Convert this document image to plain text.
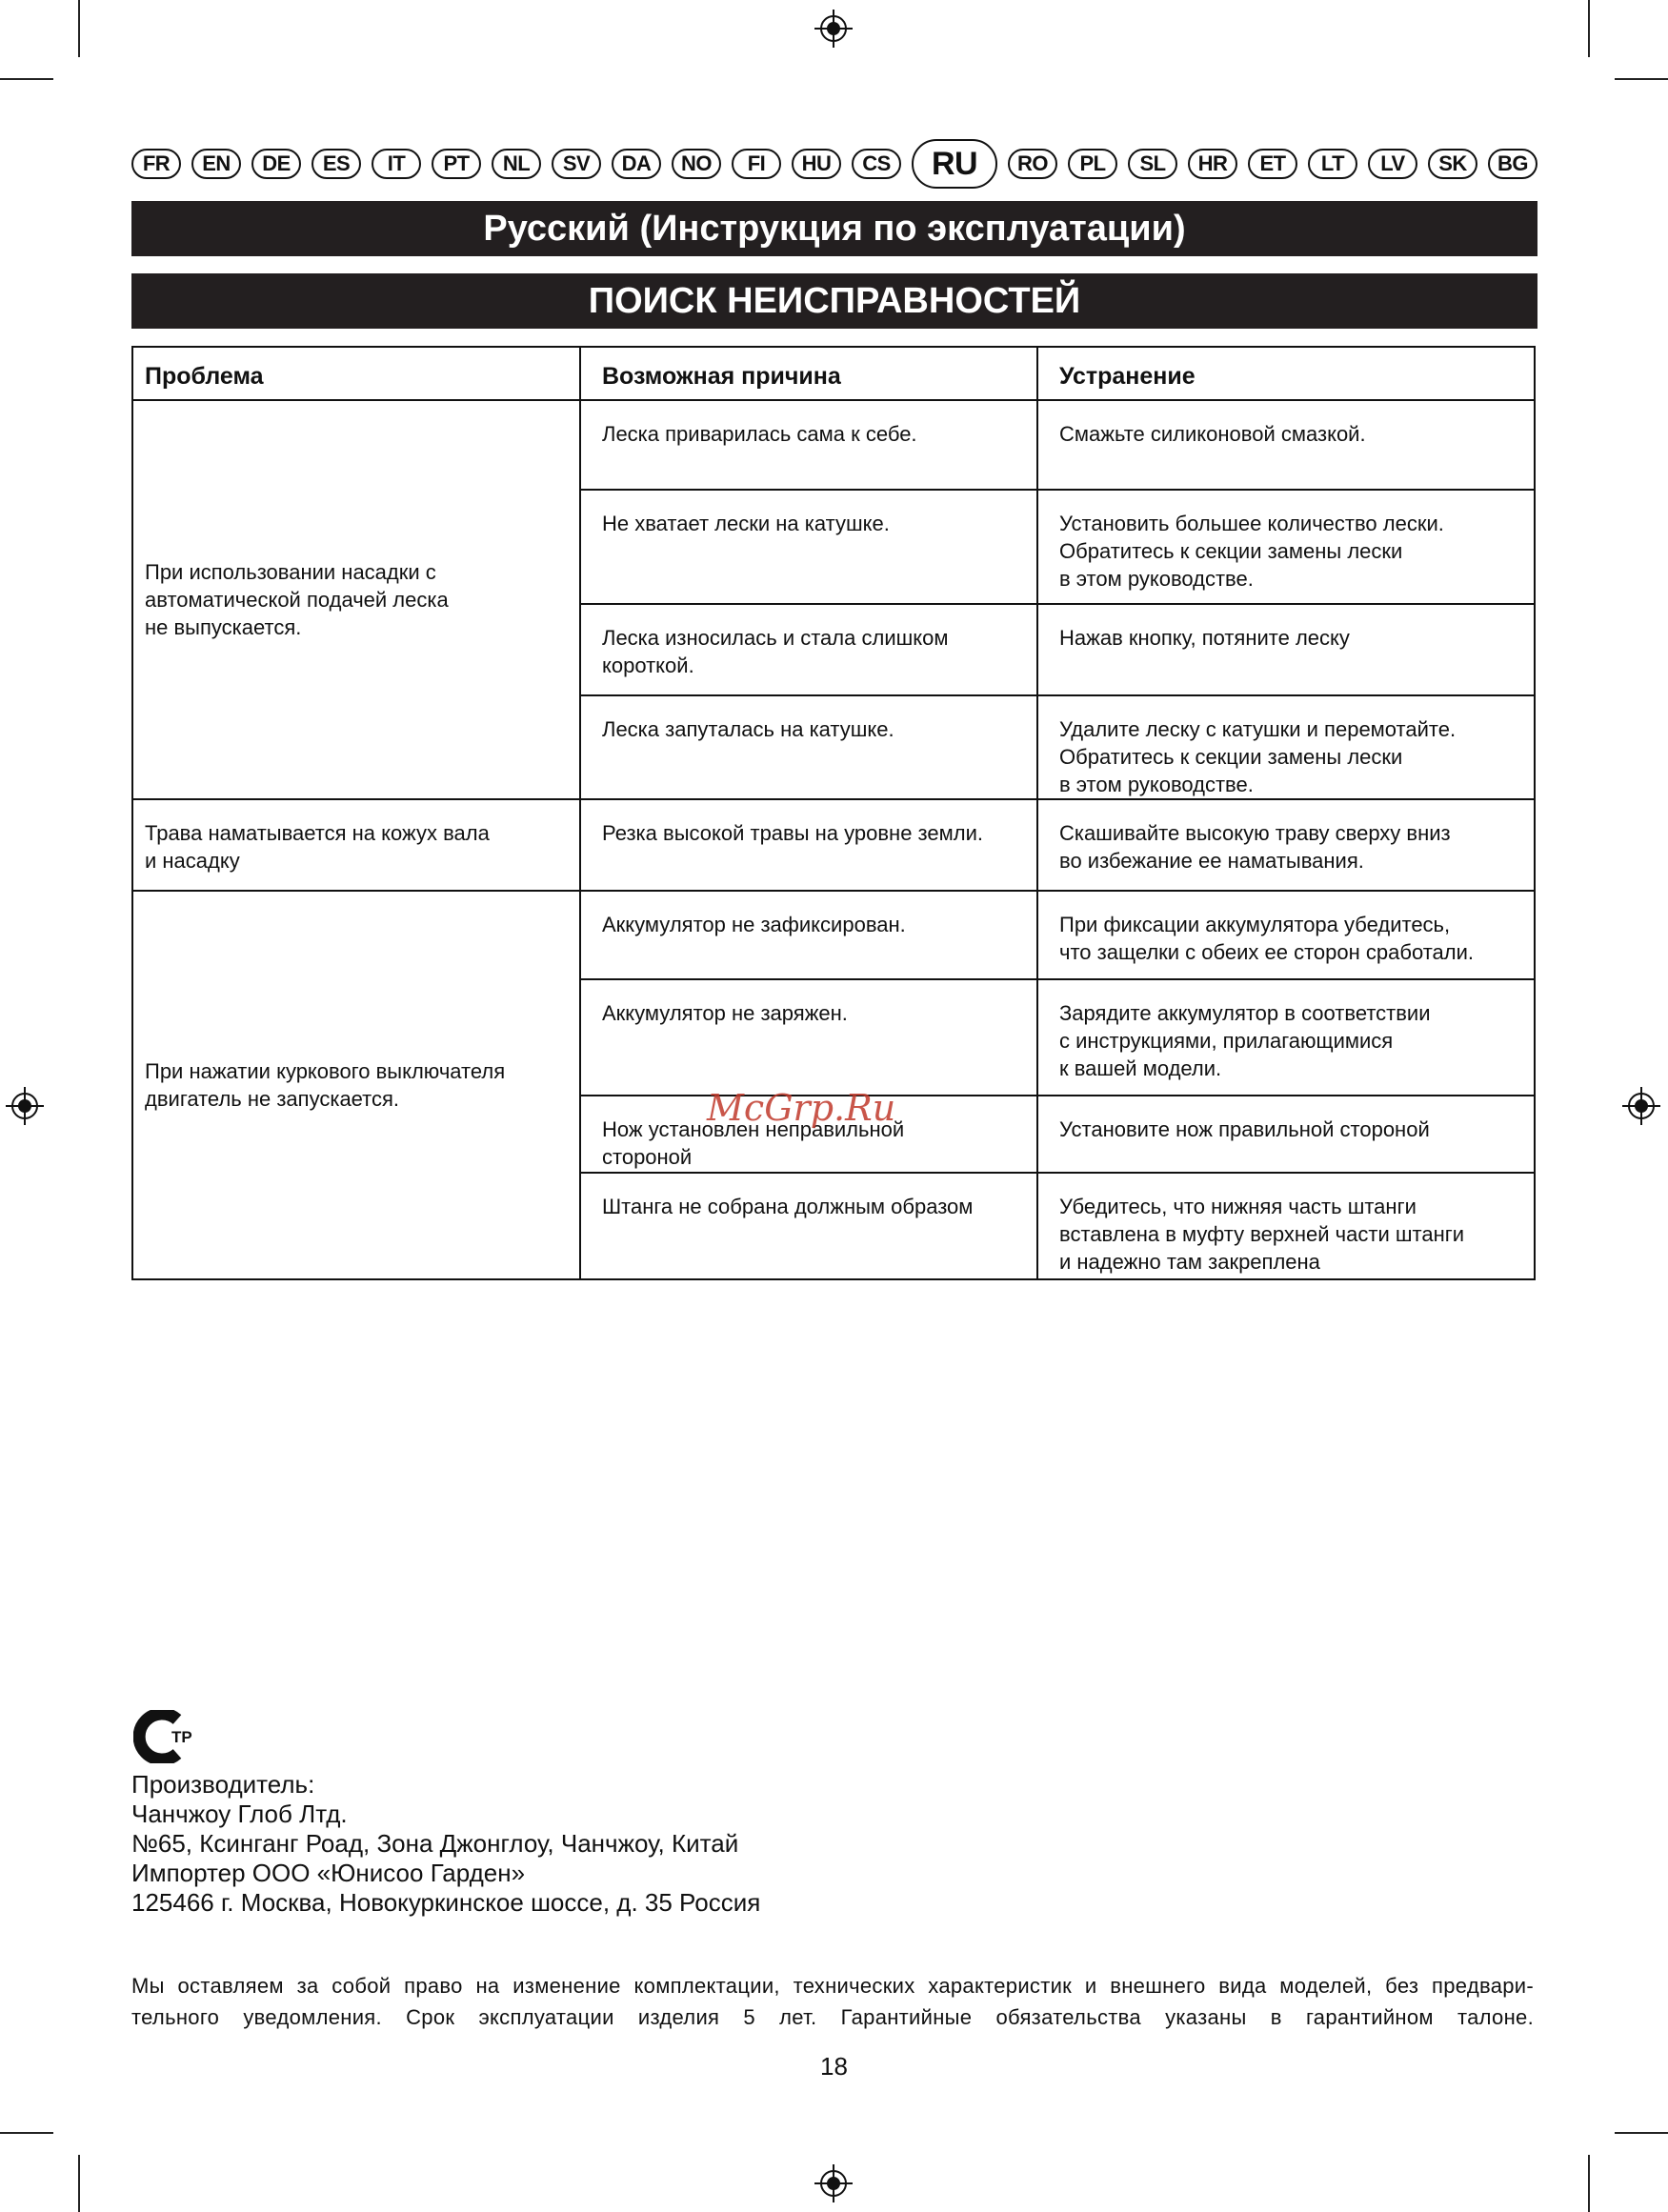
FR	EN	DE	ES	IT	PT	NL	SV	DA	NO	FI	HU	CS	RU	RO	PL	SL	HR	ET	LT	LV	SK	BG
Русский (Инструкция по эксплуатации)
ПОИСК НЕИСПРАВНОСТЕЙ
Проблема	Возможная причина	Устранение

При использовании насадки с
автоматической подачей леска
не выпускается.	Леска приварилась сама к себе.	Смажьте силиконовой смазкой.

	Не хватает лески на катушке.	Установить большее количество лески.
Обратитесь к секции замены лески
в этом руководстве.

	Леска износилась и стала слишком
короткой.	Нажав кнопку, потяните леску

	Леска запуталась на катушке.	Удалите леску с катушки и перемотайте.
Обратитесь к секции замены лески
в этом руководстве.

Трава наматывается на кожух вала
и насадку	Резка высокой травы на уровне земли.	Скашивайте высокую траву сверху вниз
во избежание ее наматывания.

При нажатии куркового выключателя
двигатель не запускается.	Аккумулятор не зафиксирован.	При фиксации аккумулятора убедитесь,
что защелки с обеих ее сторон сработали.

	Аккумулятор не заряжен.	Зарядите аккумулятор в соответствии
с инструкциями, прилагающимися
к вашей модели.

	Нож установлен неправильной
стороной	Установите нож правильной стороной

	Штанга не собрана должным образом	Убедитесь, что нижняя часть штанги
вставлена в муфту верхней части штанги
и надежно там закреплена
McGrp.Ru
ТР
Производитель:
Чанчжоу Глоб Лтд.
№65, Ксинганг Роад, Зона Джонглоу, Чанчжоу, Китай
Импортер ООО «Юнисоо Гарден»
125466 г. Москва, Новокуркинское шоссе, д. 35 Россия
Мы оставляем за собой право на изменение комплектации, технических характеристик и внешнего вида моделей, без предвари-
тельного уведомления. Срок эксплуатации изделия 5 лет. Гарантийные обязательства указаны в гарантийном талоне.
18
